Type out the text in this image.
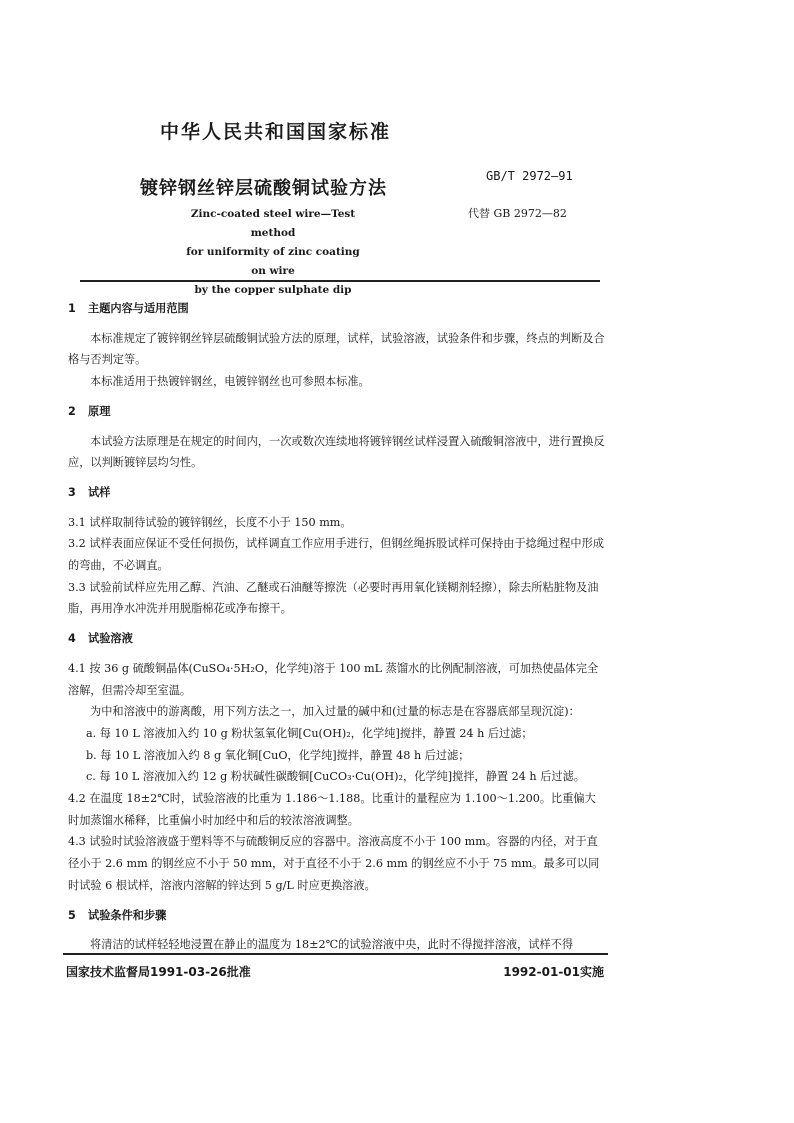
中华人民共和国国家标准
GB/T 2972—91
镀锌钢丝锌层硫酸铜试验方法
代替 GB 2972—82
Zinc-coated steel wire—Test method
for uniformity of zinc coating on wire
by the copper sulphate dip
1 主题内容与适用范围

本标准规定了镀锌钢丝锌层硫酸铜试验方法的原理，试样，试验溶液，试验条件和步骤，终点的判断及合格与否判定等。

本标准适用于热镀锌钢丝，电镀锌钢丝也可参照本标准。

2 原理

本试验方法原理是在规定的时间内，一次或数次连续地将镀锌钢丝试样浸置入硫酸铜溶液中，进行置换反应，以判断镀锌层均匀性。

3 试样

3.1 试样取制待试验的镀锌钢丝，长度不小于 150 mm。

3.2 试样表面应保证不受任何损伤，试样调直工作应用手进行，但钢丝绳拆股试样可保持由于捻绳过程中形成的弯曲，不必调直。

3.3 试验前试样应先用乙醇、汽油、乙醚或石油醚等擦洗（必要时再用氧化镁糊剂轻擦），除去所粘脏物及油脂，再用净水冲洗并用脱脂棉花或净布擦干。

4 试验溶液

4.1 按 36 g 硫酸铜晶体(CuSO₄·5H₂O，化学纯)溶于 100 mL 蒸馏水的比例配制溶液，可加热使晶体完全溶解，但需冷却至室温。

为中和溶液中的游离酸，用下列方法之一，加入过量的碱中和(过量的标志是在容器底部呈现沉淀)：

a. 每 10 L 溶液加入约 10 g 粉状氢氧化铜[Cu(OH)₂，化学纯]搅拌，静置 24 h 后过滤；

b. 每 10 L 溶液加入约 8 g 氧化铜[CuO，化学纯]搅拌，静置 48 h 后过滤；

c. 每 10 L 溶液加入约 12 g 粉状碱性碳酸铜[CuCO₃·Cu(OH)₂，化学纯]搅拌，静置 24 h 后过滤。

4.2 在温度 18±2℃时，试验溶液的比重为 1.186～1.188。比重计的量程应为 1.100～1.200。比重偏大时加蒸馏水稀释，比重偏小时加经中和后的较浓溶液调整。

4.3 试验时试验溶液盛于塑料等不与硫酸铜反应的容器中。溶液高度不小于 100 mm。容器的内径，对于直径小于 2.6 mm 的钢丝应不小于 50 mm，对于直径不小于 2.6 mm 的钢丝应不小于 75 mm。最多可以同时试验 6 根试样，溶液内溶解的锌达到 5 g/L 时应更换溶液。

5 试验条件和步骤

将清洁的试样轻轻地浸置在静止的温度为 18±2℃的试验溶液中央，此时不得搅拌溶液，试样不得

国家技术监督局1991-03-26批准	1992-01-01实施
